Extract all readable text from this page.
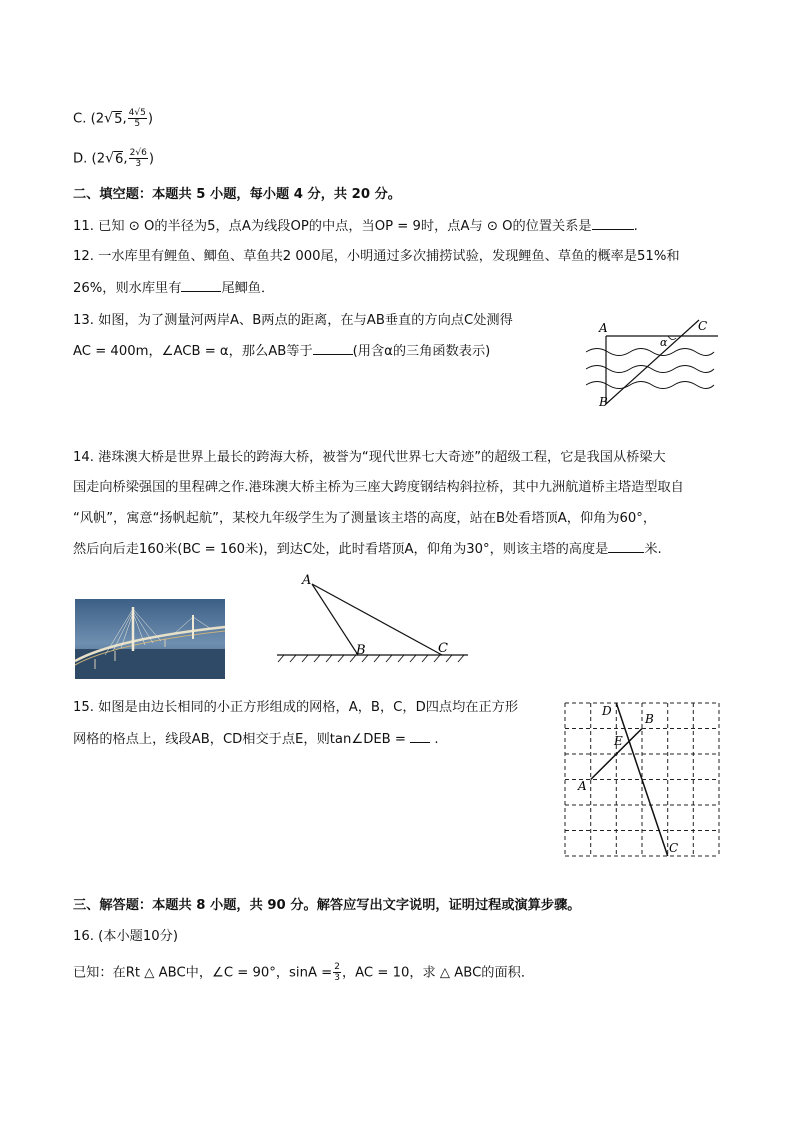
C. (2√5, $\frac{4√5}{5}$ )
D. (2√6, $\frac{2√6}{3}$ )
二、填空题：本题共 5 小题，每小题 4 分，共 20 分。
11. 已知 ⊙ O的半径为5，点A为线段OP的中点，当OP = 9时，点A与 ⊙ O的位置关系是	.
12. 一水库里有鲤鱼、鲫鱼、草鱼共2 000尾，小明通过多次捕捞试验，发现鲤鱼、草鱼的概率是51%和
26%，则水库里有	尾鲫鱼．
13. 如图，为了测量河两岸A、B两点的距离，在与AB垂直的方向点C处测得
AC = 400m，∠ACB = α，那么AB等于	(用含α的三角函数表示)
A
B
C
α
14. 港珠澳大桥是世界上最长的跨海大桥，被誉为“现代世界七大奇迹”的超级工程，它是我国从桥梁大
国走向桥梁强国的里程碑之作.港珠澳大桥主桥为三座大跨度钢结构斜拉桥，其中九洲航道桥主塔造型取自
“风帆”，寓意“扬帆起航”，某校九年级学生为了测量该主塔的高度，站在B处看塔顶A，仰角为60°，
然后向后走160米(BC = 160米)，到达C处，此时看塔顶A，仰角为30°，则该主塔的高度是	米.
A
B	C
15. 如图是由边长相同的小正方形组成的网格，A，B，C，D四点均在正方形
网格的格点上，线段AB，CD相交于点E，则tan∠DEB = .
D
B
E
A
C
三、解答题：本题共 8 小题，共 90 分。解答应写出文字说明，证明过程或演算步骤。
16. (本小题10分)
已知：在Rt △ ABC中，∠C = 90°，$\sin A = \frac{2}{3}$ ，AC = 10，求 △ ABC的面积．
